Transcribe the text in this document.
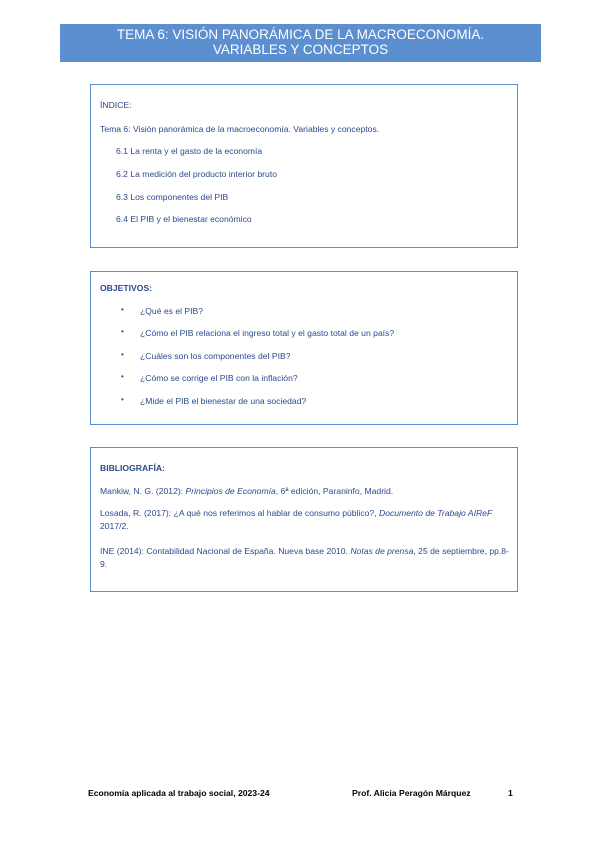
TEMA 6: VISIÓN PANORÁMICA DE LA MACROECONOMÍA.
VARIABLES Y CONCEPTOS
ÍNDICE:
Tema 6: Visión panorámica de la macroeconomía. Variables y conceptos.
6.1 La renta y el gasto de la economía
6.2 La medición del producto interior bruto
6.3 Los componentes del PIB
6.4 El PIB y el bienestar económico
OBJETIVOS:
• ¿Qué es el PIB?
• ¿Cómo el PIB relaciona el ingreso total y el gasto total de un país?
• ¿Cuáles son los componentes del PIB?
• ¿Cómo se corrige el PIB con la inflación?
• ¿Mide el PIB el bienestar de una sociedad?
BIBLIOGRAFÍA:
Mankiw, N. G. (2012): Principios de Economía, 6ª edición, Paraninfo, Madrid.
Losada, R. (2017): ¿A qué nos referimos al hablar de consumo público?, Documento de Trabajo AIReF 2017/2.
INE (2014): Contabilidad Nacional de España. Nueva base 2010. Notas de prensa, 25 de septiembre, pp.8-9.
Economía aplicada al trabajo social, 2023-24	Prof. Alicia Peragón Márquez	1
